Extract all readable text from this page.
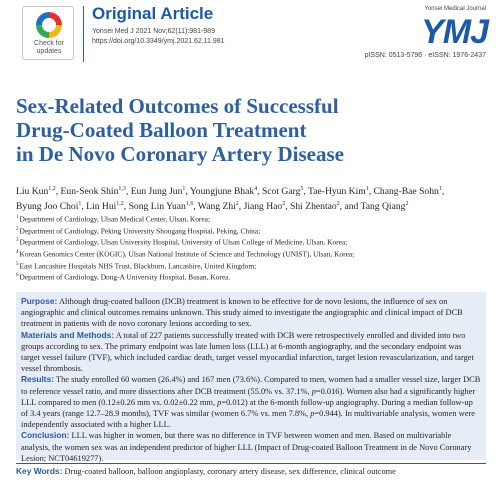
Check for
updates
Original Article
Yonsei Med J 2021 Nov;62(11):981-989
https://doi.org/10.3349/ymj.2021.62.11.981
Yonsei Medical Journal
YMJ
pISSN: 0513-5796 · eISSN: 1976-2437
Sex-Related Outcomes of Successful
Drug-Coated Balloon Treatment
in De Novo Coronary Artery Disease
Liu Kun$^{1,2}$, Eun-Seok Shin$^{1,3}$, Eun Jung Jun$^1$, Youngjune Bhak$^4$, Scot Garg$^5$, Tae-Hyun Kim$^1$, Chang-Bae Sohn$^1$,
Byung Joo Choi$^1$, Lin Hui$^{1,2}$, Song Lin Yuan$^{1,6}$, Wang Zhi$^2$, Jiang Hao$^2$, Shi Zhentao$^2$, and Tang Qiang$^2$
$^1$Department of Cardiology, Ulsan Medical Center, Ulsan, Korea;
$^2$Department of Cardiology, Peking University Shougang Hospital, Peking, China;
$^3$Department of Cardiology, Ulsan University Hospital, University of Ulsan College of Medicine, Ulsan, Korea;
$^4$Korean Genomics Center (KOGIC), Ulsan National Institute of Science and Technology (UNIST), Ulsan, Korea;
$^5$East Lancashire Hospitals NHS Trust, Blackburn, Lancashire, United Kingdom;
$^6$Department of Cardiology, Dong-A University Hospital, Busan, Korea.

Purpose: Although drug-coated balloon (DCB) treatment is known to be effective for de novo lesions, the influence of sex on angiographic and clinical outcomes remains unknown. This study aimed to investigate the angiographic and clinical impact of DCB treatment in patients with de novo coronary lesions according to sex.

Materials and Methods: A total of 227 patients successfully treated with DCB were retrospectively enrolled and divided into two groups according to sex. The primary endpoint was late lumen loss (LLL) at 6-month angiography, and the secondary endpoint was target vessel failure (TVF), which included cardiac death, target vessel myocardial infarction, target lesion revascularization, and target vessel thrombosis.

Results: The study enrolled 60 women (26.4%) and 167 men (73.6%). Compared to men, women had a smaller vessel size, larger DCB to reference vessel ratio, and more dissections after DCB treatment (55.0% vs. 37.1%, p=0.016). Women also had a significantly higher LLL compared to men (0.12±0.26 mm vs. 0.02±0.22 mm, p=0.012) at the 6-month follow-up angiography. During a median follow-up of 3.4 years (range 12.7–28.9 months), TVF was similar (women 6.7% vs. men 7.8%, p=0.944). In multivariable analysis, women were independently associated with a higher LLL.

Conclusion: LLL was higher in women, but there was no difference in TVF between women and men. Based on multivariable analysis, the women sex was an independent predictor of higher LLL (Impact of Drug-coated Balloon Treatment in de Novo Coronary Lesion; NCT04619277).

Key Words: Drug-coated balloon, balloon angioplasty, coronary artery disease, sex difference, clinical outcome
